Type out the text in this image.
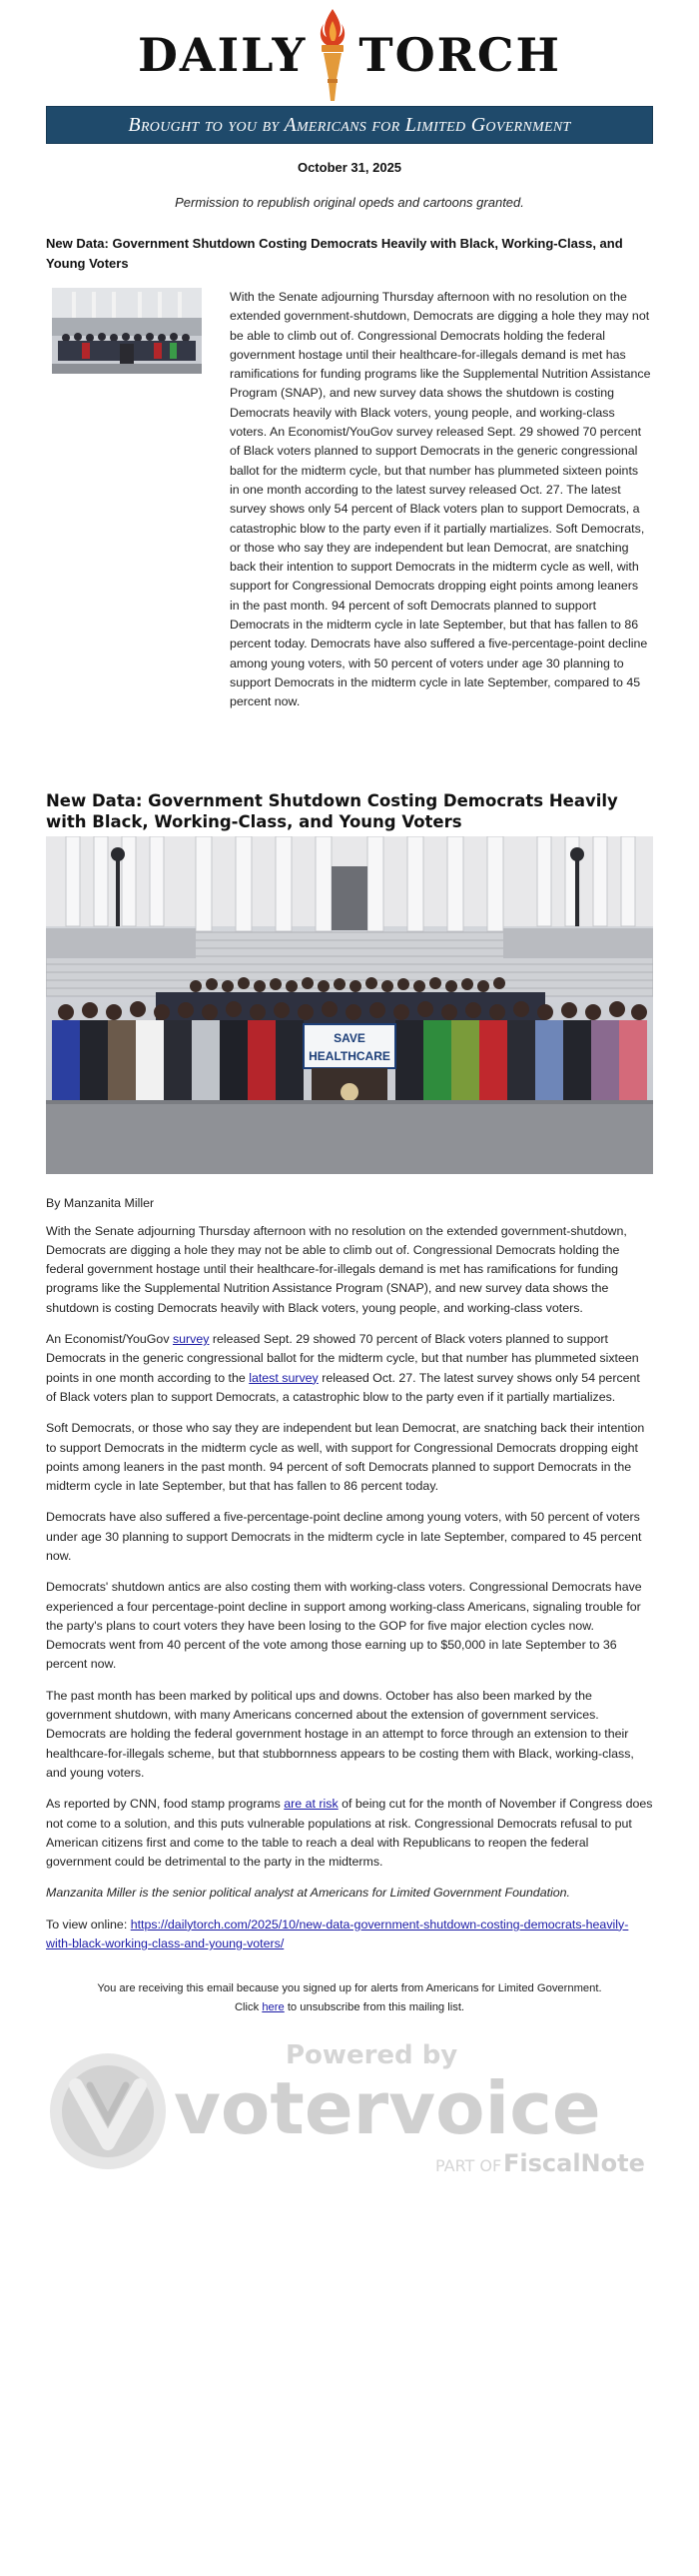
DAILY TORCH
Brought to you by Americans for Limited Government
October 31, 2025
Permission to republish original opeds and cartoons granted.
New Data: Government Shutdown Costing Democrats Heavily with Black, Working-Class, and Young Voters
With the Senate adjourning Thursday afternoon with no resolution on the extended government-shutdown, Democrats are digging a hole they may not be able to climb out of. Congressional Democrats holding the federal government hostage until their healthcare-for-illegals demand is met has ramifications for funding programs like the Supplemental Nutrition Assistance Program (SNAP), and new survey data shows the shutdown is costing Democrats heavily with Black voters, young people, and working-class voters. An Economist/YouGov survey released Sept. 29 showed 70 percent of Black voters planned to support Democrats in the generic congressional ballot for the midterm cycle, but that number has plummeted sixteen points in one month according to the latest survey released Oct. 27. The latest survey shows only 54 percent of Black voters plan to support Democrats, a catastrophic blow to the party even if it partially martializes. Soft Democrats, or those who say they are independent but lean Democrat, are snatching back their intention to support Democrats in the midterm cycle as well, with support for Congressional Democrats dropping eight points among leaners in the past month. 94 percent of soft Democrats planned to support Democrats in the midterm cycle in late September, but that has fallen to 86 percent today. Democrats have also suffered a five-percentage-point decline among young voters, with 50 percent of voters under age 30 planning to support Democrats in the midterm cycle in late September, compared to 45 percent now.
New Data: Government Shutdown Costing Democrats Heavily with Black, Working-Class, and Young Voters
SAVE
HEALTHCARE
By Manzanita Miller
With the Senate adjourning Thursday afternoon with no resolution on the extended government-shutdown, Democrats are digging a hole they may not be able to climb out of. Congressional Democrats holding the federal government hostage until their healthcare-for-illegals demand is met has ramifications for funding programs like the Supplemental Nutrition Assistance Program (SNAP), and new survey data shows the shutdown is costing Democrats heavily with Black voters, young people, and working-class voters.
An Economist/YouGov survey released Sept. 29 showed 70 percent of Black voters planned to support Democrats in the generic congressional ballot for the midterm cycle, but that number has plummeted sixteen points in one month according to the latest survey released Oct. 27. The latest survey shows only 54 percent of Black voters plan to support Democrats, a catastrophic blow to the party even if it partially martializes.
Soft Democrats, or those who say they are independent but lean Democrat, are snatching back their intention to support Democrats in the midterm cycle as well, with support for Congressional Democrats dropping eight points among leaners in the past month. 94 percent of soft Democrats planned to support Democrats in the midterm cycle in late September, but that has fallen to 86 percent today.
Democrats have also suffered a five-percentage-point decline among young voters, with 50 percent of voters under age 30 planning to support Democrats in the midterm cycle in late September, compared to 45 percent now.
Democrats' shutdown antics are also costing them with working-class voters. Congressional Democrats have experienced a four percentage-point decline in support among working-class Americans, signaling trouble for the party's plans to court voters they have been losing to the GOP for five major election cycles now. Democrats went from 40 percent of the vote among those earning up to $50,000 in late September to 36 percent now.
The past month has been marked by political ups and downs. October has also been marked by the government shutdown, with many Americans concerned about the extension of government services. Democrats are holding the federal government hostage in an attempt to force through an extension to their healthcare-for-illegals scheme, but that stubbornness appears to be costing them with Black, working-class, and young voters.
As reported by CNN, food stamp programs are at risk of being cut for the month of November if Congress does not come to a solution, and this puts vulnerable populations at risk. Congressional Democrats refusal to put American citizens first and come to the table to reach a deal with Republicans to reopen the federal government could be detrimental to the party in the midterms.
Manzanita Miller is the senior political analyst at Americans for Limited Government Foundation.
To view online: https://dailytorch.com/2025/10/new-data-government-shutdown-costing-democrats-heavily-with-black-working-class-and-young-voters/
You are receiving this email because you signed up for alerts from Americans for Limited Government.
Click here to unsubscribe from this mailing list.
Powered by
votervoice
PART OF FiscalNote
